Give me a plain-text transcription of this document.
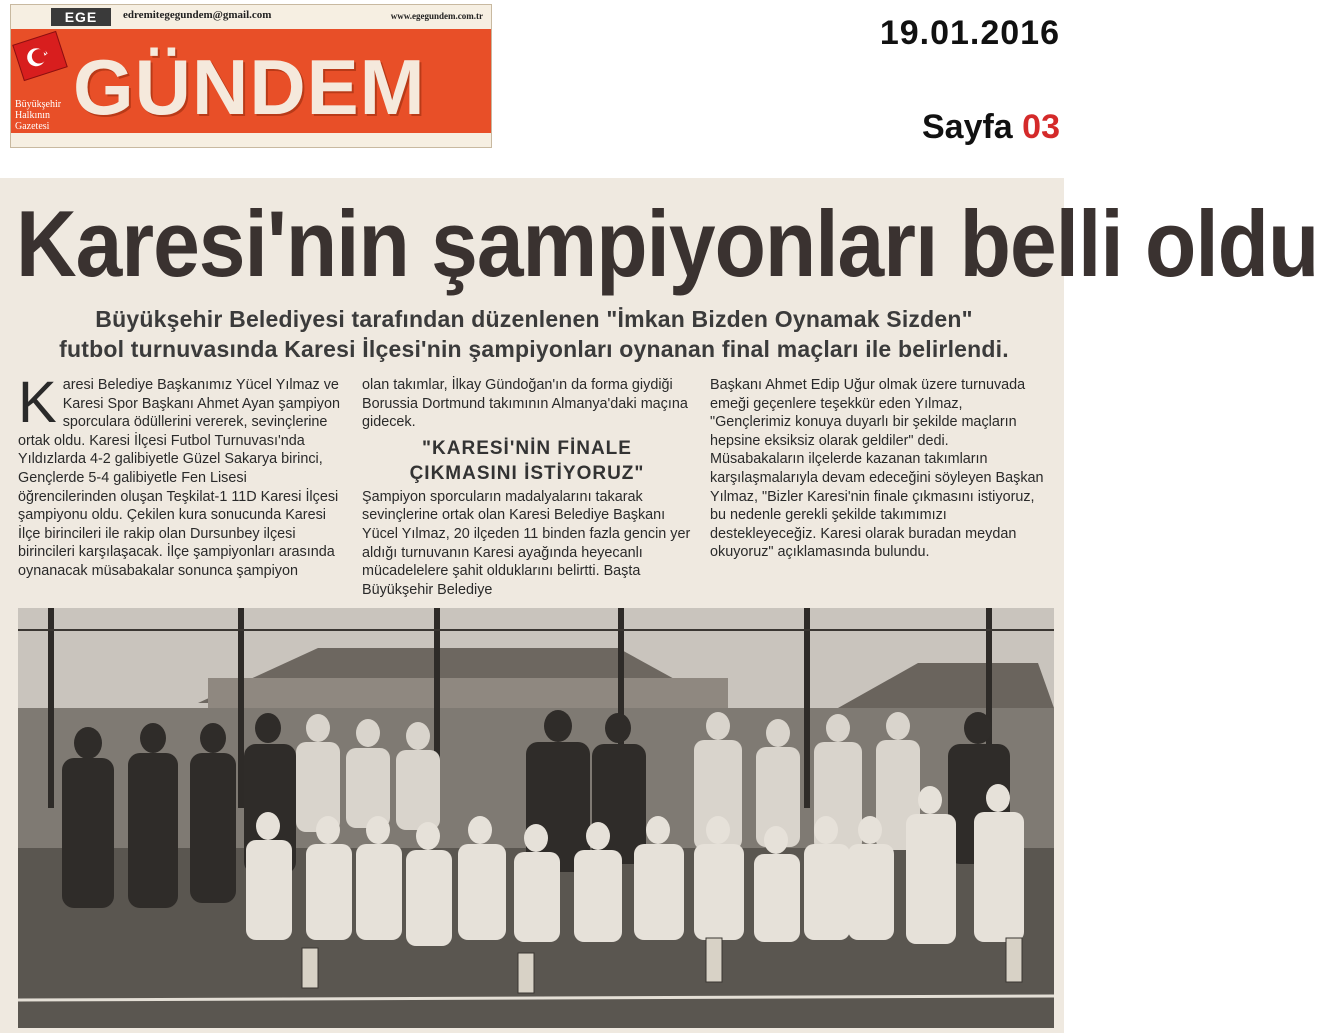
EGE	edremitegegundem@gmail.com	www.egegundem.com.tr
GÜNDEM
Büyükşehir
Halkının
Gazetesi
19.01.2016
Sayfa 03
Karesi'nin şampiyonları belli oldu
Büyükşehir Belediyesi tarafından düzenlenen "İmkan Bizden Oynamak Sizden"
futbol turnuvasında Karesi İlçesi'nin şampiyonları oynanan final maçları ile belirlendi.
K aresi Belediye Başkanımız Yücel Yılmaz ve Karesi Spor Başkanı Ahmet Ayan şampiyon sporculara ödüllerini vererek, sevinçlerine ortak oldu. Karesi İlçesi Futbol Turnuvası'nda Yıldızlarda 4-2 galibiyetle Güzel Sakarya birinci, Gençlerde 5-4 galibiyetle Fen Lisesi öğrencilerinden oluşan Teşkilat-1 11D Karesi İlçesi şampiyonu oldu. Çekilen kura sonucunda Karesi İlçe birincileri ile rakip olan Dursunbey ilçesi birincileri karşılaşacak. İlçe şampiyonları arasında oynanacak müsabakalar sonunca şampiyon
olan takımlar, İlkay Gündoğan'ın da forma giydiği Borussia Dortmund takımının Almanya'daki maçına gidecek.
"KARESİ'NİN FİNALE
ÇIKMASINI İSTİYORUZ"
Şampiyon sporcuların madalyalarını takarak sevinçlerine ortak olan Karesi Belediye Başkanı Yücel Yılmaz, 20 ilçeden 11 binden fazla gencin yer aldığı turnuvanın Karesi ayağında heyecanlı mücadelelere şahit olduklarını belirtti. Başta Büyükşehir Belediye
Başkanı Ahmet Edip Uğur olmak üzere turnuvada emeği geçenlere teşekkür eden Yılmaz, "Gençlerimiz konuya duyarlı bir şekilde maçların hepsine eksiksiz olarak geldiler" dedi. Müsabakaların ilçelerde kazanan takımların karşılaşmalarıyla devam edeceğini söyleyen Başkan Yılmaz, "Bizler Karesi'nin finale çıkmasını istiyoruz, bu nedenle gerekli şekilde takımımızı destekleyeceğiz. Karesi olarak buradan meydan okuyoruz" açıklamasında bulundu.
